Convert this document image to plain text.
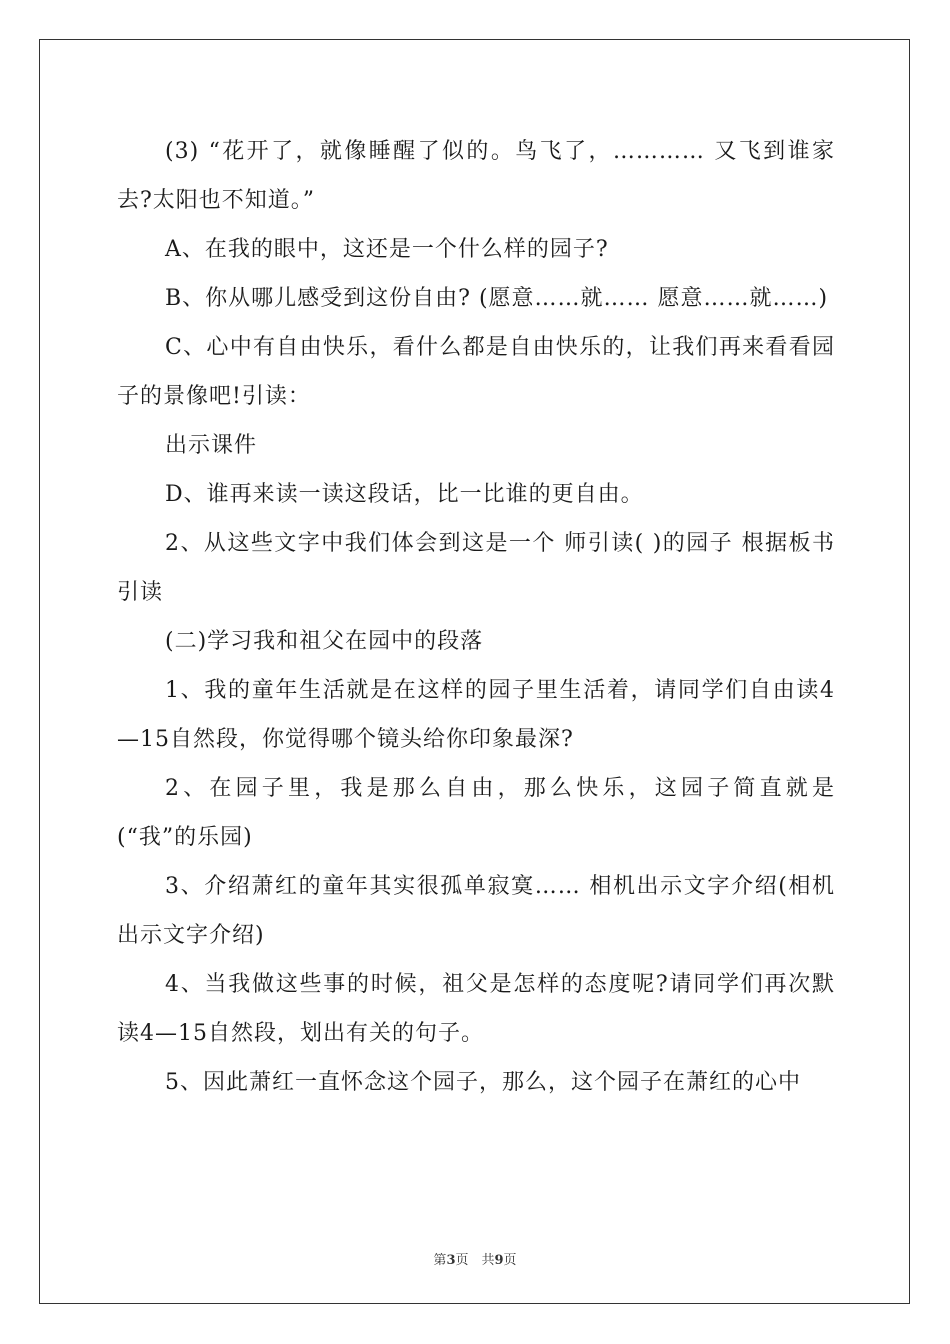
(3) “花开了，就像睡醒了似的。鸟飞了，………… 又飞到谁家去?太阳也不知道。”

A、在我的眼中，这还是一个什么样的园子?

B、你从哪儿感受到这份自由? (愿意……就…… 愿意……就……)

C、心中有自由快乐，看什么都是自由快乐的，让我们再来看看园子的景像吧!引读：

出示课件

D、谁再来读一读这段话，比一比谁的更自由。

2、从这些文字中我们体会到这是一个 师引读( )的园子 根据板书引读

(二)学习我和祖父在园中的段落

1、我的童年生活就是在这样的园子里生活着，请同学们自由读4—15自然段，你觉得哪个镜头给你印象最深?

2、在园子里，我是那么自由，那么快乐，这园子简直就是(“我”的乐园)

3、介绍萧红的童年其实很孤单寂寞…… 相机出示文字介绍(相机出示文字介绍)

4、当我做这些事的时候，祖父是怎样的态度呢?请同学们再次默读4—15自然段，划出有关的句子。

5、因此萧红一直怀念这个园子，那么，这个园子在萧红的心中

第3页　共9页
